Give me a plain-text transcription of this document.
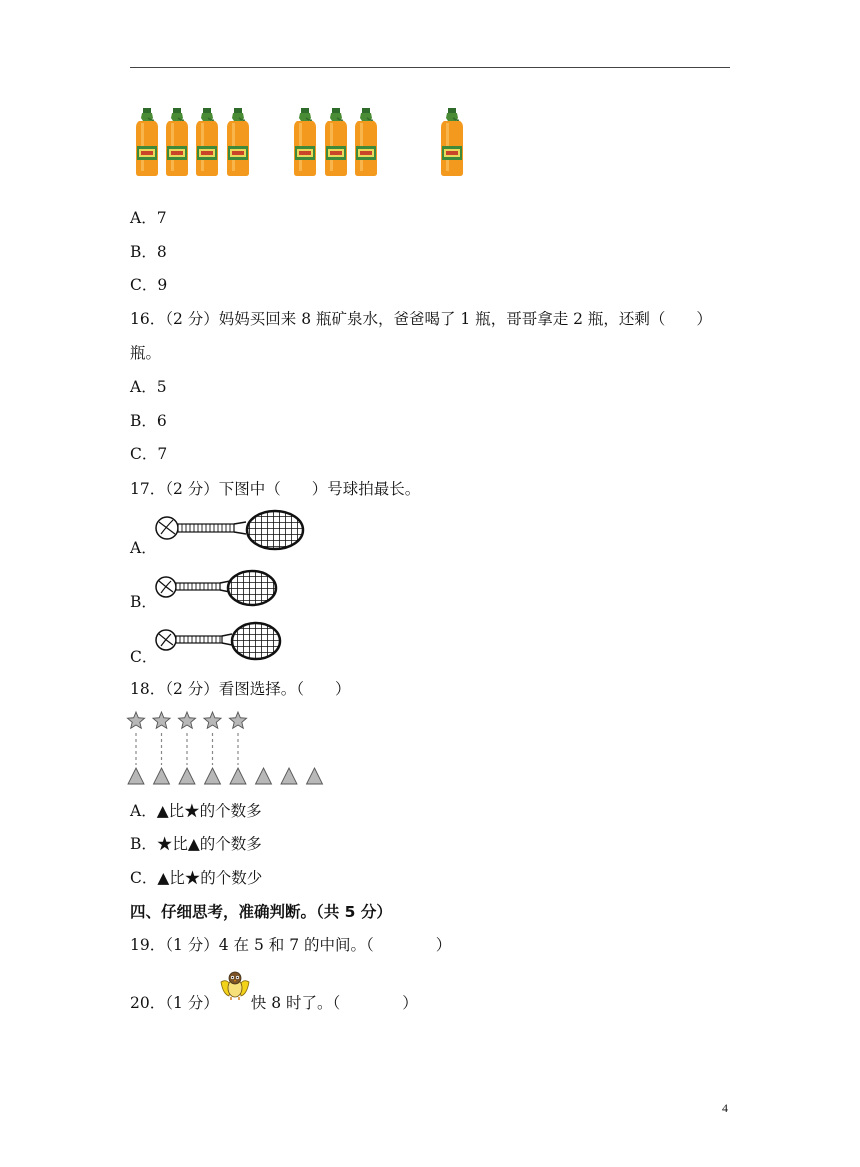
A．7
B．8
C．9
16．（2 分）妈妈买回来 8 瓶矿泉水，爸爸喝了 1 瓶，哥哥拿走 2 瓶，还剩（　　）
瓶。
A．5
B．6
C．7
17．（2 分）下图中（　　）号球拍最长。
A．
B．
C．
18．（2 分）看图选择。（　　）
A．▲比★的个数多
B．★比▲的个数多
C．▲比★的个数少
四、仔细思考，准确判断。（共 5 分）
19．（1 分）4 在 5 和 7 的中间。（　　　　）
20．（1 分） 快 8 时了。（　　　　）
4
